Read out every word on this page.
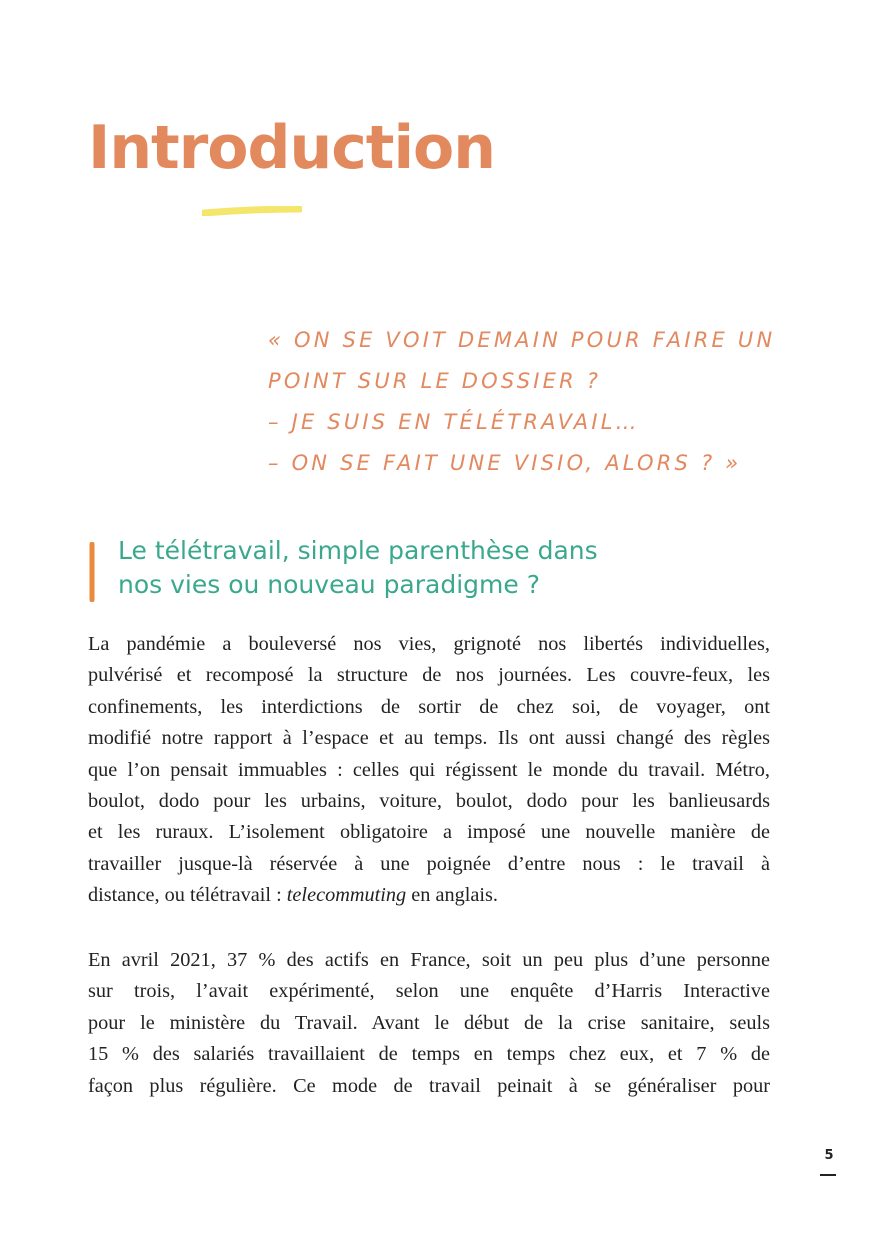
Introduction
« ON SE VOIT DEMAIN POUR FAIRE UN
POINT SUR LE DOSSIER ?
– JE SUIS EN TÉLÉTRAVAIL…
– ON SE FAIT UNE VISIO, ALORS ? »
Le télétravail, simple parenthèse dans
nos vies ou nouveau paradigme ?
La pandémie a bouleversé nos vies, grignoté nos libertés individuelles,
pulvérisé et recomposé la structure de nos journées. Les couvre-feux, les
confinements, les interdictions de sortir de chez soi, de voyager, ont
modifié notre rapport à l’espace et au temps. Ils ont aussi changé des règles
que l’on pensait immuables : celles qui régissent le monde du travail. Métro,
boulot, dodo pour les urbains, voiture, boulot, dodo pour les banlieusards
et les ruraux. L’isolement obligatoire a imposé une nouvelle manière de
travailler jusque-là réservée à une poignée d’entre nous : le travail à
distance, ou télétravail : telecommuting en anglais.
En avril 2021, 37 % des actifs en France, soit un peu plus d’une personne
sur trois, l’avait expérimenté, selon une enquête d’Harris Interactive
pour le ministère du Travail. Avant le début de la crise sanitaire, seuls
15 % des salariés travaillaient de temps en temps chez eux, et 7 % de
façon plus régulière. Ce mode de travail peinait à se généraliser pour
5
